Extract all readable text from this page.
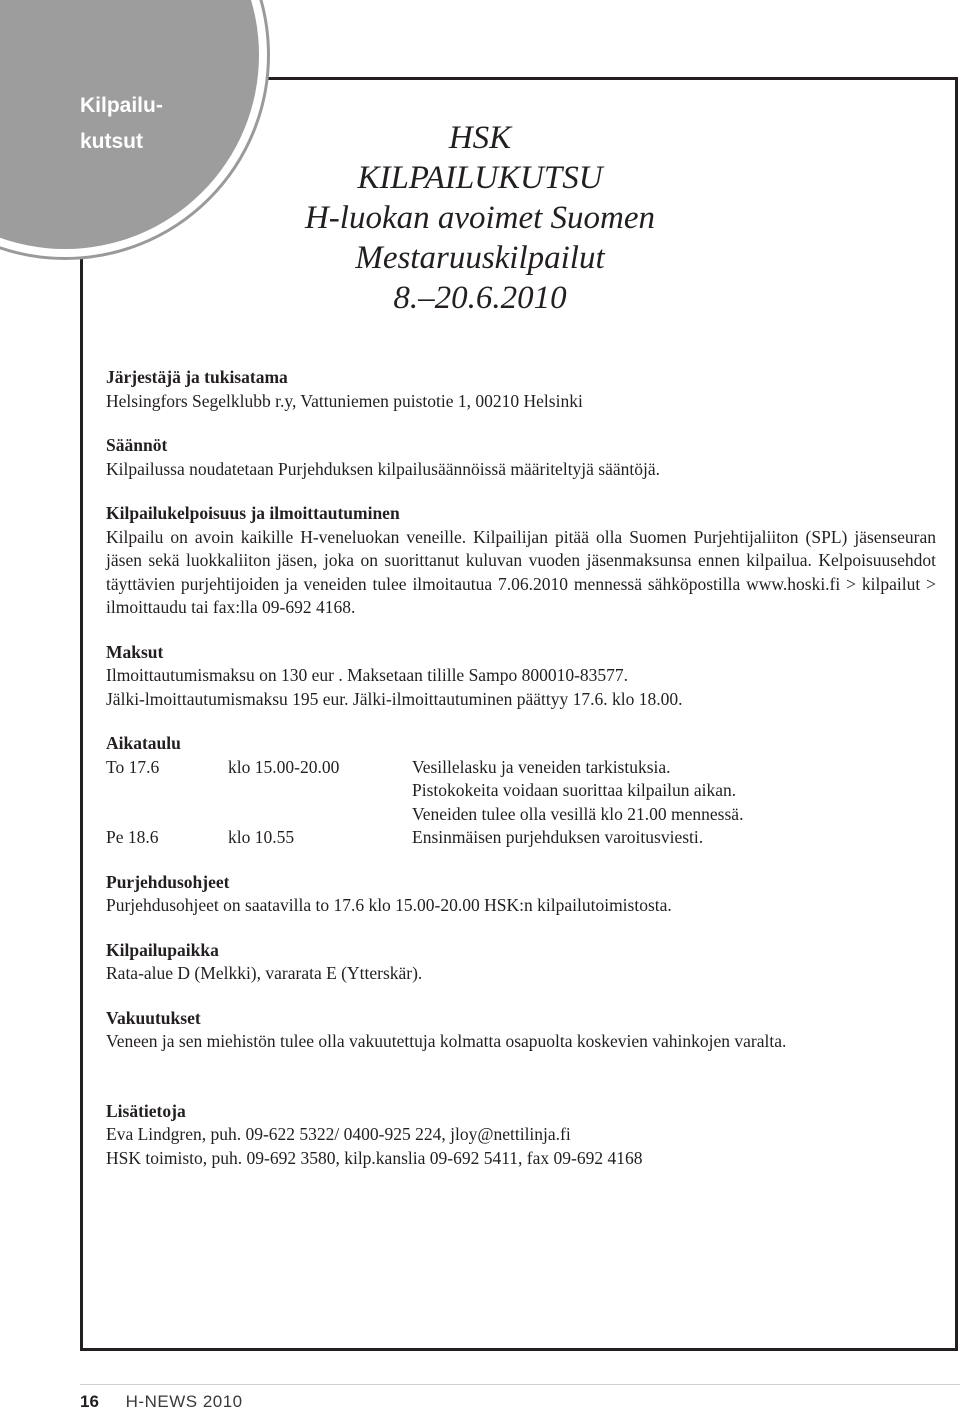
Kilpailu-
kutsut	HSK
KILPAILUKUTSU
H-luokan avoimet Suomen Mestaruuskilpailut
8.–20.6.2010
Järjestäjä ja tukisatama

Helsingfors Segelklubb r.y, Vattuniemen puistotie 1, 00210 Helsinki

Säännöt

Kilpailussa noudatetaan Purjehduksen kilpailusäännöissä määriteltyjä sääntöjä.

Kilpailukelpoisuus ja ilmoittautuminen

Kilpailu on avoin kaikille H-veneluokan veneille. Kilpailijan pitää olla Suomen Purjehtijaliiton (SPL) jäsenseuran jäsen sekä luokkaliiton jäsen, joka on suorittanut kuluvan vuoden jäsenmaksunsa ennen kilpailua. Kelpoisuusehdot täyttävien purjehtijoiden ja veneiden tulee ilmoitautua 7.06.2010 mennessä sähköpostilla www.hoski.fi > kilpailut > ilmoittaudu tai fax:lla 09-692 4168.

Maksut

Ilmoittautumismaksu on 130 eur . Maksetaan tilille Sampo 800010-83577.

Jälki-lmoittautumismaksu 195 eur. Jälki-ilmoittautuminen päättyy 17.6. klo 18.00.

Aikataulu
To 17.6	klo 15.00-20.00	Vesillelasku ja veneiden tarkistuksia.
Pistokokeita voidaan suorittaa kilpailun aikan.
Veneiden tulee olla vesillä klo 21.00 mennessä.
Pe 18.6	klo 10.55	Ensinmäisen purjehduksen varoitusviesti.
Purjehdusohjeet

Purjehdusohjeet on saatavilla to 17.6 klo 15.00-20.00 HSK:n kilpailutoimistosta.

Kilpailupaikka

Rata-alue D (Melkki), vararata E (Ytterskär).

Vakuutukset

Veneen ja sen miehistön tulee olla vakuutettuja kolmatta osapuolta koskevien vahinkojen varalta.

Lisätietoja

Eva Lindgren, puh. 09-622 5322/ 0400-925 224, jloy@nettilinja.fi

HSK toimisto, puh. 09-692 3580, kilp.kanslia 09-692 5411, fax 09-692 4168

16 H-NEWS 2010
